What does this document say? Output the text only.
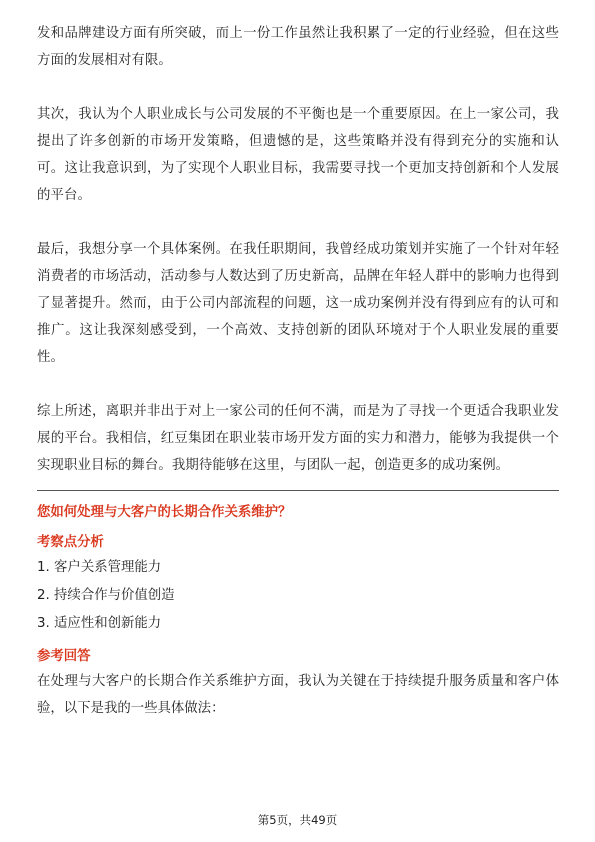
发和品牌建设方面有所突破，而上一份工作虽然让我积累了一定的行业经验，但在这些方面的发展相对有限。

其次，我认为个人职业成长与公司发展的不平衡也是一个重要原因。在上一家公司，我提出了许多创新的市场开发策略，但遗憾的是，这些策略并没有得到充分的实施和认可。这让我意识到，为了实现个人职业目标，我需要寻找一个更加支持创新和个人发展的平台。

最后，我想分享一个具体案例。在我任职期间，我曾经成功策划并实施了一个针对年轻消费者的市场活动，活动参与人数达到了历史新高，品牌在年轻人群中的影响力也得到了显著提升。然而，由于公司内部流程的问题，这一成功案例并没有得到应有的认可和推广。这让我深刻感受到，一个高效、支持创新的团队环境对于个人职业发展的重要性。

综上所述，离职并非出于对上一家公司的任何不满，而是为了寻找一个更适合我职业发展的平台。我相信，红豆集团在职业装市场开发方面的实力和潜力，能够为我提供一个实现职业目标的舞台。我期待能够在这里，与团队一起，创造更多的成功案例。

您如何处理与大客户的长期合作关系维护？

考察点分析

1. 客户关系管理能力
2. 持续合作与价值创造
3. 适应性和创新能力

参考回答

在处理与大客户的长期合作关系维护方面，我认为关键在于持续提升服务质量和客户体验，以下是我的一些具体做法：

第5页，共49页
